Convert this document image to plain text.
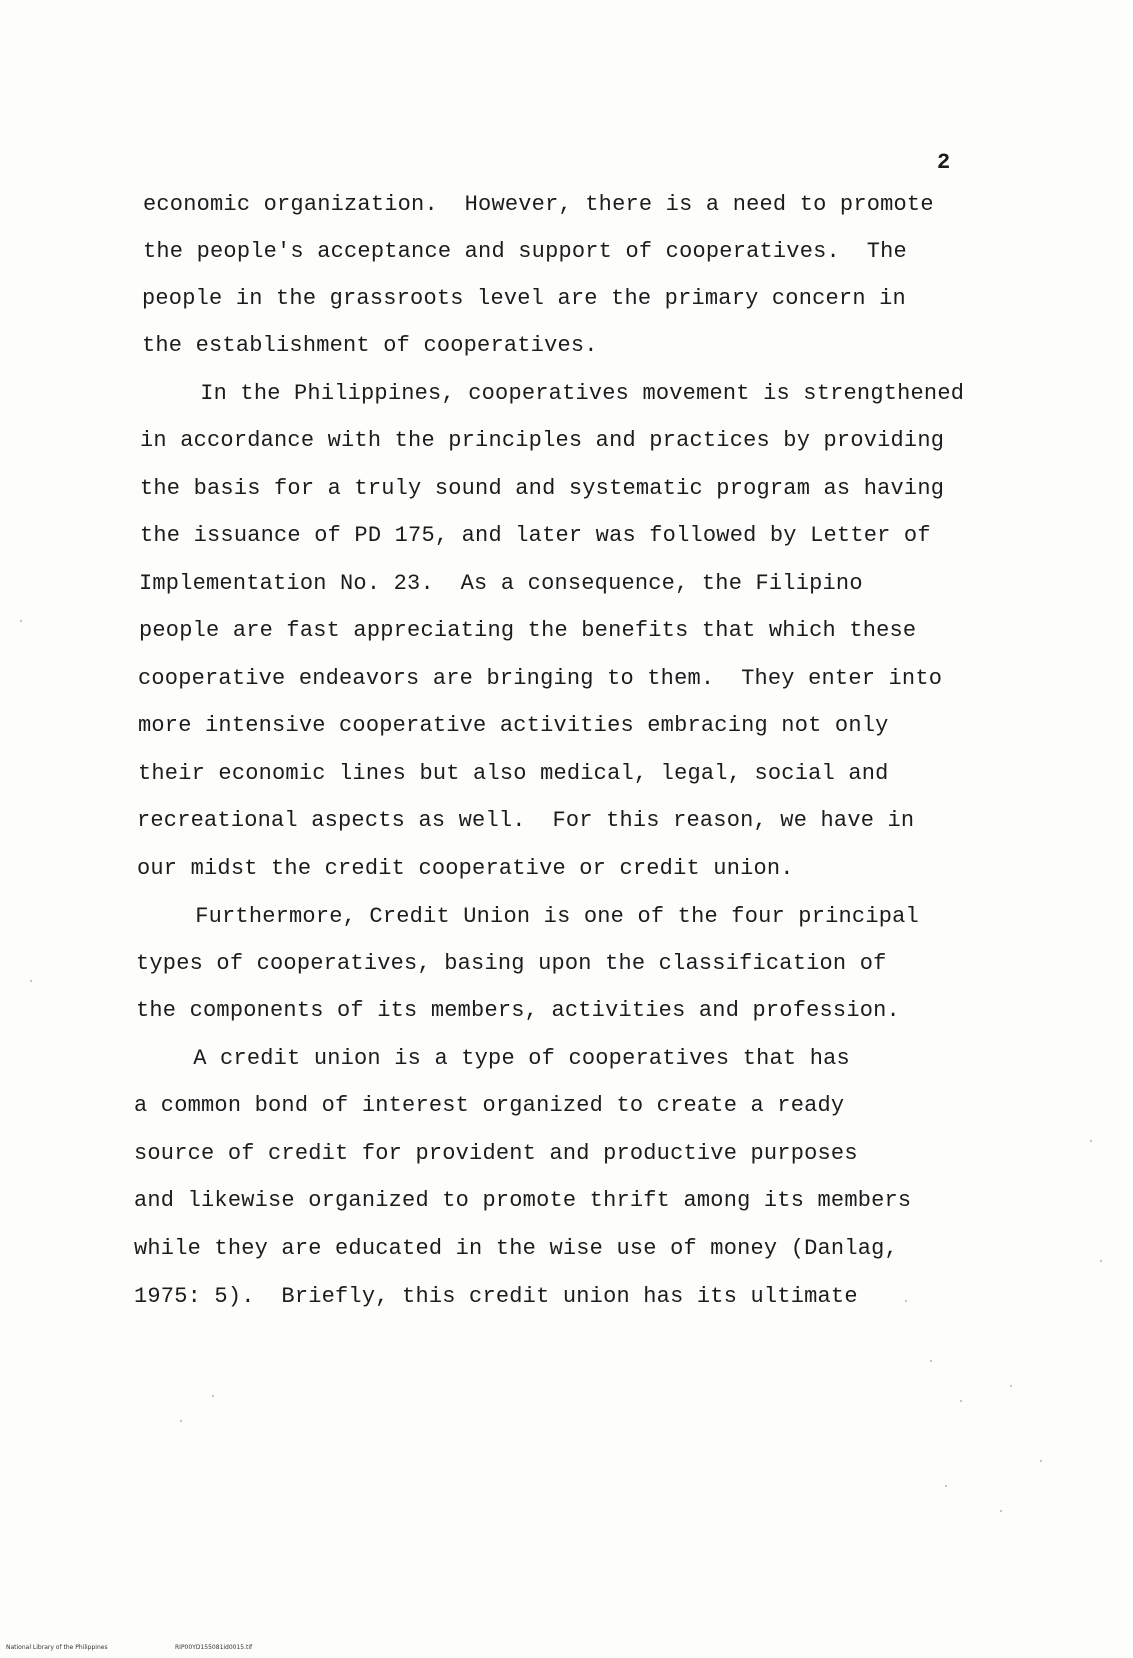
2
economic organization.  However, there is a need to promote
the people's acceptance and support of cooperatives.  The
people in the grassroots level are the primary concern in
the establishment of cooperatives.
In the Philippines, cooperatives movement is strengthened
in accordance with the principles and practices by providing
the basis for a truly sound and systematic program as having
the issuance of PD 175, and later was followed by Letter of
Implementation No. 23.  As a consequence, the Filipino
people are fast appreciating the benefits that which these
cooperative endeavors are bringing to them.  They enter into
more intensive cooperative activities embracing not only
their economic lines but also medical, legal, social and
recreational aspects as well.  For this reason, we have in
our midst the credit cooperative or credit union.
Furthermore, Credit Union is one of the four principal
types of cooperatives, basing upon the classification of
the components of its members, activities and profession.
A credit union is a type of cooperatives that has
a common bond of interest organized to create a ready
source of credit for provident and productive purposes
and likewise organized to promote thrift among its members
while they are educated in the wise use of money (Danlag,
1975: 5).  Briefly, this credit union has its ultimate
National Library of the Philippines	RIP00YD155081id0015.tif
